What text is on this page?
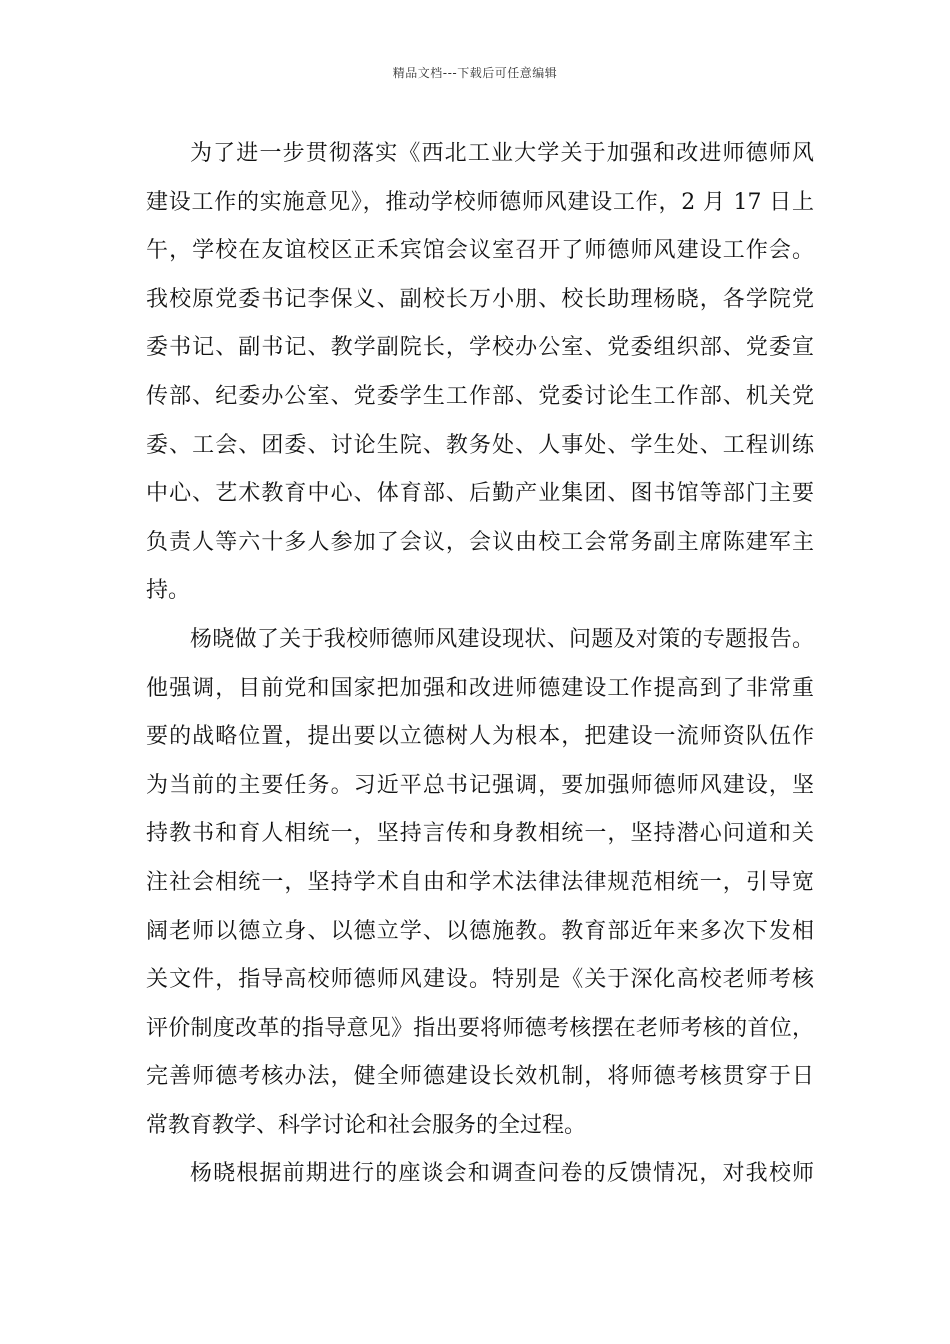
精品文档---下载后可任意编辑
为了进一步贯彻落实《西北工业大学关于加强和改进师德师风
建设工作的实施意见》，推动学校师德师风建设工作，2 月 17 日上
午，学校在友谊校区正禾宾馆会议室召开了师德师风建设工作会。
我校原党委书记李保义、副校长万小朋、校长助理杨晓，各学院党
委书记、副书记、教学副院长，学校办公室、党委组织部、党委宣
传部、纪委办公室、党委学生工作部、党委讨论生工作部、机关党
委、工会、团委、讨论生院、教务处、人事处、学生处、工程训练
中心、艺术教育中心、体育部、后勤产业集团、图书馆等部门主要
负责人等六十多人参加了会议，会议由校工会常务副主席陈建军主
持。
杨晓做了关于我校师德师风建设现状、问题及对策的专题报告。
他强调，目前党和国家把加强和改进师德建设工作提高到了非常重
要的战略位置，提出要以立德树人为根本，把建设一流师资队伍作
为当前的主要任务。习近平总书记强调，要加强师德师风建设，坚
持教书和育人相统一，坚持言传和身教相统一，坚持潜心问道和关
注社会相统一，坚持学术自由和学术法律法律规范相统一，引导宽
阔老师以德立身、以德立学、以德施教。教育部近年来多次下发相
关文件，指导高校师德师风建设。特别是《关于深化高校老师考核
评价制度改革的指导意见》指出要将师德考核摆在老师考核的首位，
完善师德考核办法，健全师德建设长效机制，将师德考核贯穿于日
常教育教学、科学讨论和社会服务的全过程。
杨晓根据前期进行的座谈会和调查问卷的反馈情况，对我校师
